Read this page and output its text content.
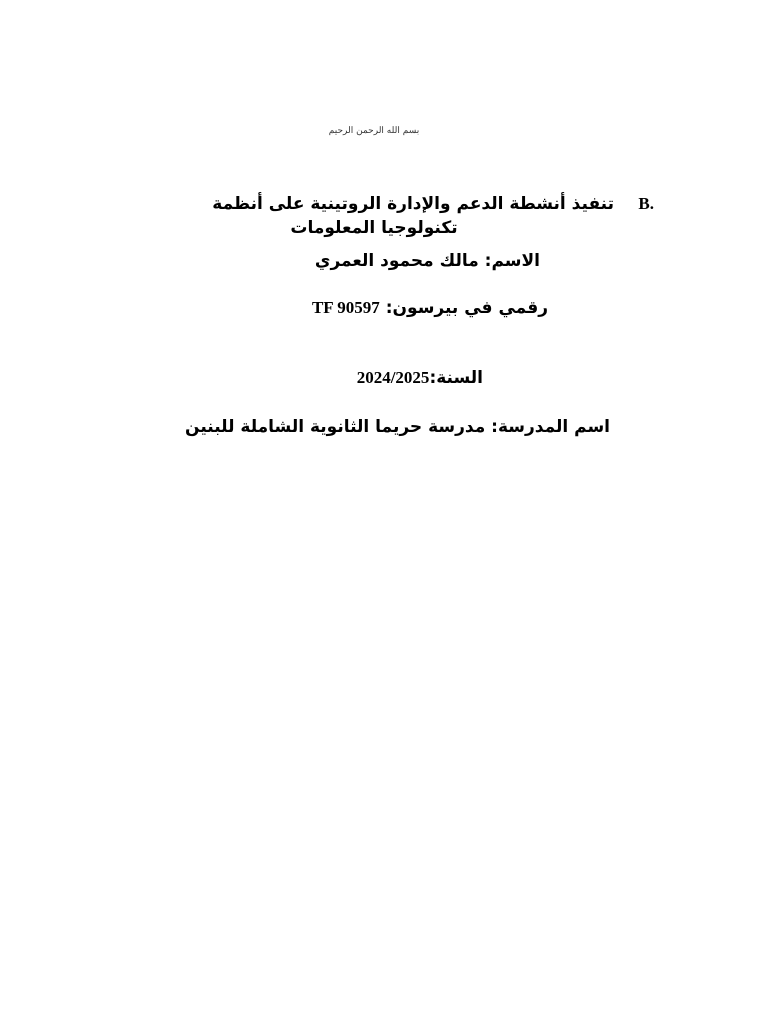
بسم الله الرحمن الرحيم
B.
تنفيذ أنشطة الدعم والإدارة الروتينية على أنظمة
تكنولوجيا المعلومات
الاسم: مالك محمود العمري
رقمي في بيرسون: TF 90597
السنة:2024/2025
اسم المدرسة: مدرسة حريما الثانوية الشاملة للبنين
